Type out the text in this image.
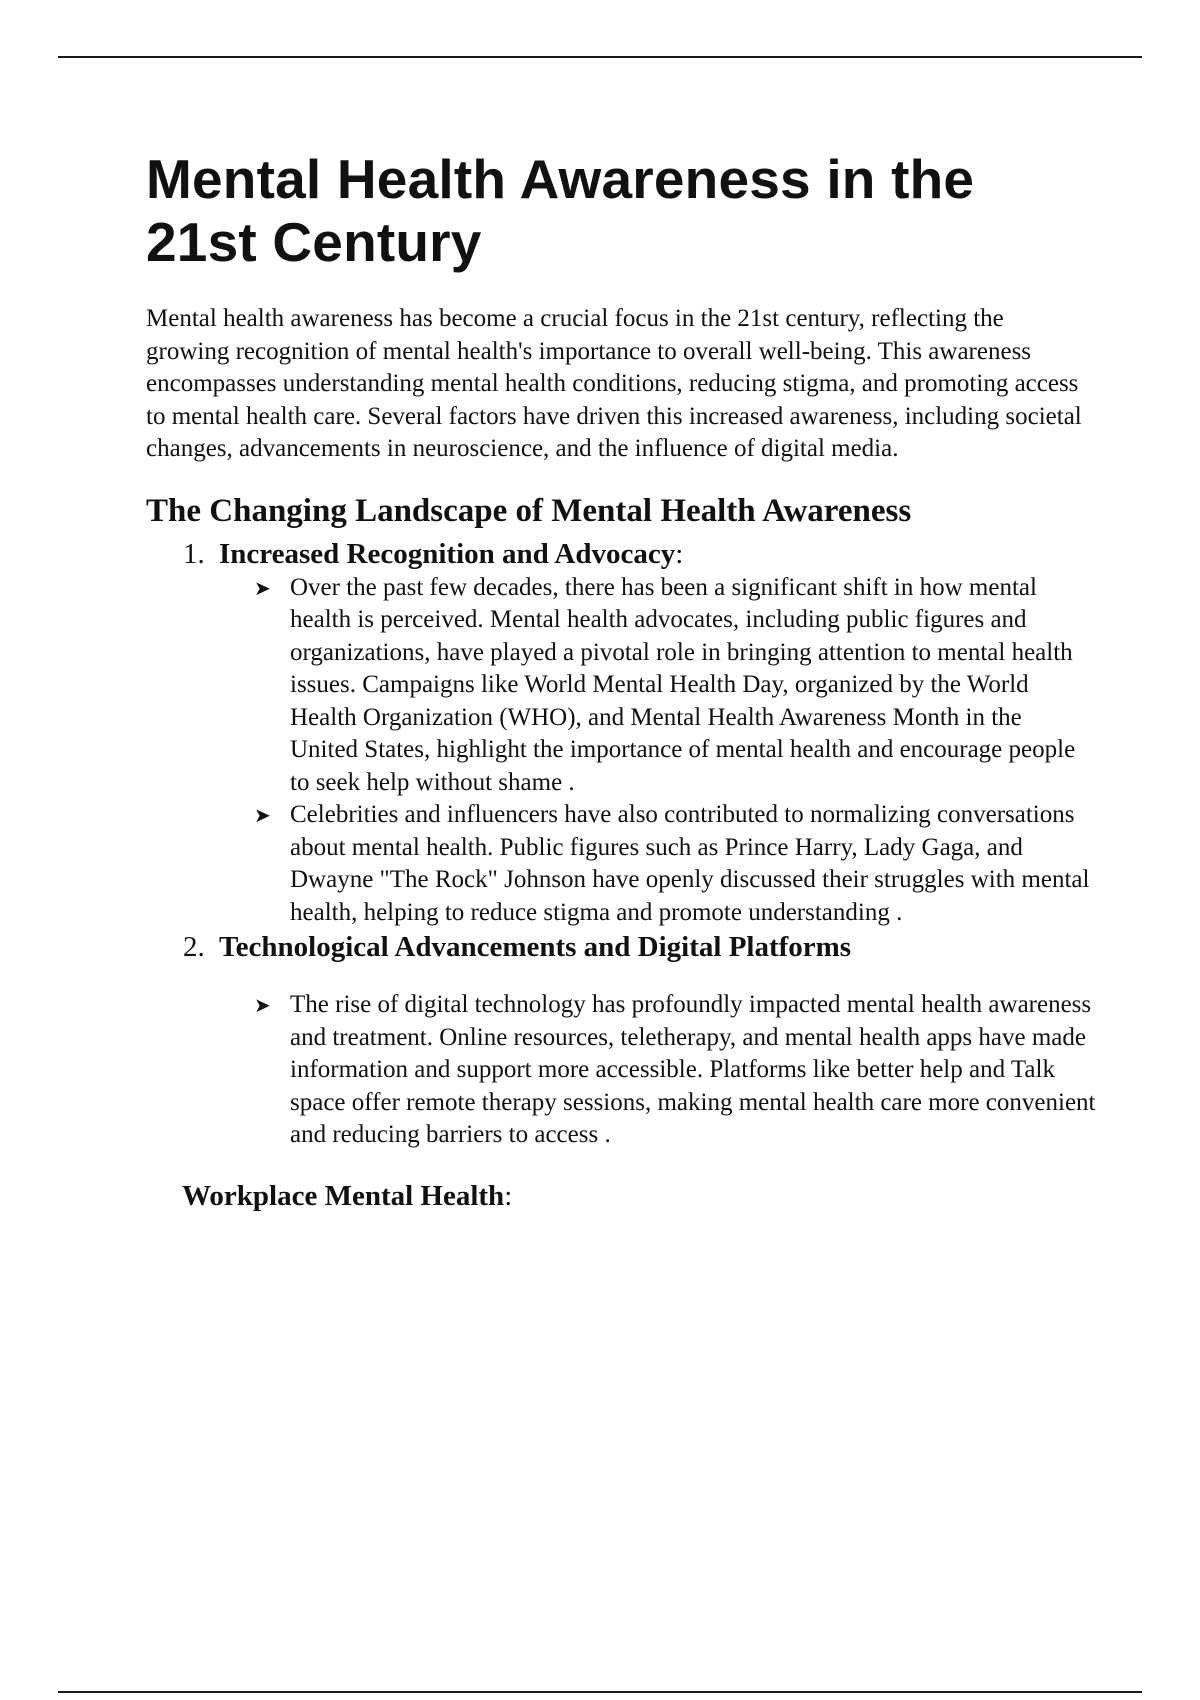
Mental Health Awareness in the 21st Century

Mental health awareness has become a crucial focus in the 21st century, reflecting the growing recognition of mental health's importance to overall well-being. This awareness encompasses understanding mental health conditions, reducing stigma, and promoting access to mental health care. Several factors have driven this increased awareness, including societal changes, advancements in neuroscience, and the influence of digital media.

The Changing Landscape of Mental Health Awareness
1. Increased Recognition and Advocacy:
➤ Over the past few decades, there has been a significant shift in how mental health is perceived. Mental health advocates, including public figures and organizations, have played a pivotal role in bringing attention to mental health issues. Campaigns like World Mental Health Day, organized by the World Health Organization (WHO), and Mental Health Awareness Month in the United States, highlight the importance of mental health and encourage people to seek help without shame .
➤ Celebrities and influencers have also contributed to normalizing conversations about mental health. Public figures such as Prince Harry, Lady Gaga, and Dwayne "The Rock" Johnson have openly discussed their struggles with mental health, helping to reduce stigma and promote understanding .
2. Technological Advancements and Digital Platforms
➤ The rise of digital technology has profoundly impacted mental health awareness and treatment. Online resources, teletherapy, and mental health apps have made information and support more accessible. Platforms like better help and Talk space offer remote therapy sessions, making mental health care more convenient and reducing barriers to access .
Workplace Mental Health:
